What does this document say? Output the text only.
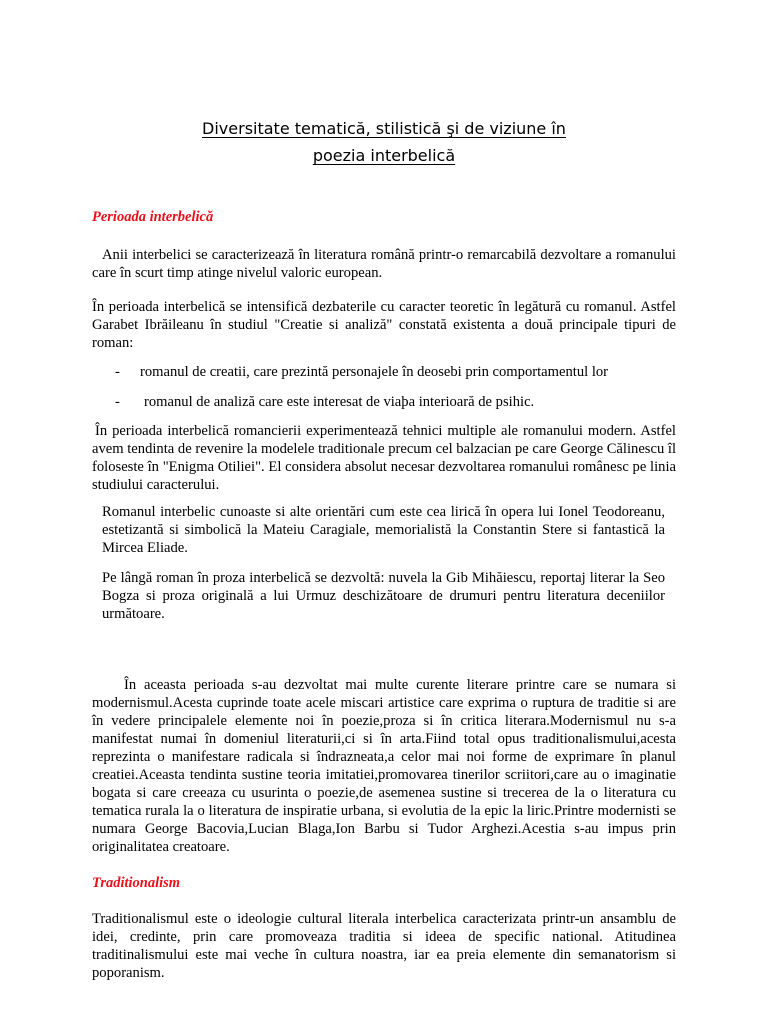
Diversitate tematică, stilistică şi de viziune în
poezia interbelică
Perioada interbelică
Anii interbelici se caracterizează în literatura română printr-o remarcabilă dezvoltare a romanului care în scurt timp atinge nivelul valoric european.
În perioada interbelică se intensifică dezbaterile cu caracter teoretic în legătură cu romanul. Astfel Garabet Ibrăileanu în studiul "Creatie si analiză" constată existenta a două principale tipuri de roman:
- romanul de creatii, care prezintă personajele în deosebi prin comportamentul lor
- romanul de analiză care este interesat de viaþa interioară de psihic.
În perioada interbelică romancierii experimentează tehnici multiple ale romanului modern. Astfel avem tendinta de revenire la modelele traditionale precum cel balzacian pe care George Călinescu îl foloseste în "Enigma Otiliei". El considera absolut necesar dezvoltarea romanului românesc pe linia studiului caracterului.
Romanul interbelic cunoaste si alte orientări cum este cea lirică în opera lui Ionel Teodoreanu, estetizantă si simbolică la Mateiu Caragiale, memorialistă la Constantin Stere si fantastică la Mircea Eliade.
Pe lângă roman în proza interbelică se dezvoltă: nuvela la Gib Mihăiescu, reportaj literar la Seo Bogza si proza originală a lui Urmuz deschizătoare de drumuri pentru literatura deceniilor următoare.
În aceasta perioada s-au dezvoltat mai multe curente literare printre care se numara si modernismul.Acesta cuprinde toate acele miscari artistice care exprima o ruptura de traditie si are în vedere principalele elemente noi în poezie,proza si în critica literara.Modernismul nu s-a manifestat numai în domeniul literaturii,ci si în arta.Fiind total opus traditionalismului,acesta reprezinta o manifestare radicala si îndrazneata,a celor mai noi forme de exprimare în planul creatiei.Aceasta tendinta sustine teoria imitatiei,promovarea tinerilor scriitori,care au o imaginatie bogata si care creeaza cu usurinta o poezie,de asemenea sustine si trecerea de la o literatura cu tematica rurala la o literatura de inspiratie urbana, si evolutia de la epic la liric.Printre modernisti se numara George Bacovia,Lucian Blaga,Ion Barbu si Tudor Arghezi.Acestia s-au impus prin originalitatea creatoare.
Traditionalism
Traditionalismul este o ideologie cultural literala interbelica caracterizata printr-un ansamblu de idei, credinte, prin care promoveaza traditia si ideea de specific national. Atitudinea traditinalismului este mai veche în cultura noastra, iar ea preia elemente din semanatorism si poporanism.
